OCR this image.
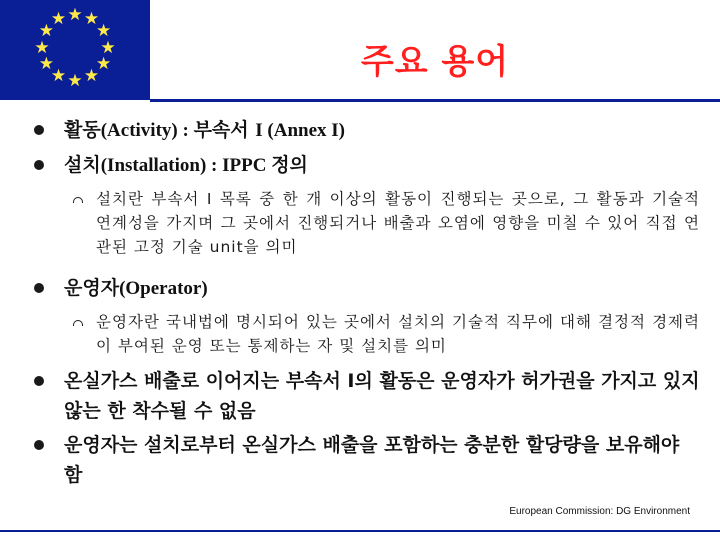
★ ★
★
★
★
★
★
★
★
★
★
★
주요 용어
활동(Activity) : 부속서 I (Annex I)
설치(Installation) : IPPC 정의
설치란 부속서 I 목록 중 한 개 이상의 활동이 진행되는 곳으로, 그 활동과 기술적 연계성을 가지며 그 곳에서 진행되거나 배출과 오염에 영향을 미칠 수 있어 직접 연관된 고정 기술 unit을 의미
운영자(Operator)
운영자란 국내법에 명시되어 있는 곳에서 설치의 기술적 직무에 대해 결정적 경제력이 부여된 운영 또는 통제하는 자 및 설치를 의미
온실가스 배출로 이어지는 부속서 I의 활동은 운영자가 허가권을 가지고 있지 않는 한 착수될 수 없음
운영자는 설치로부터 온실가스 배출을 포함하는 충분한 할당량을 보유해야 함
European Commission: DG Environment
